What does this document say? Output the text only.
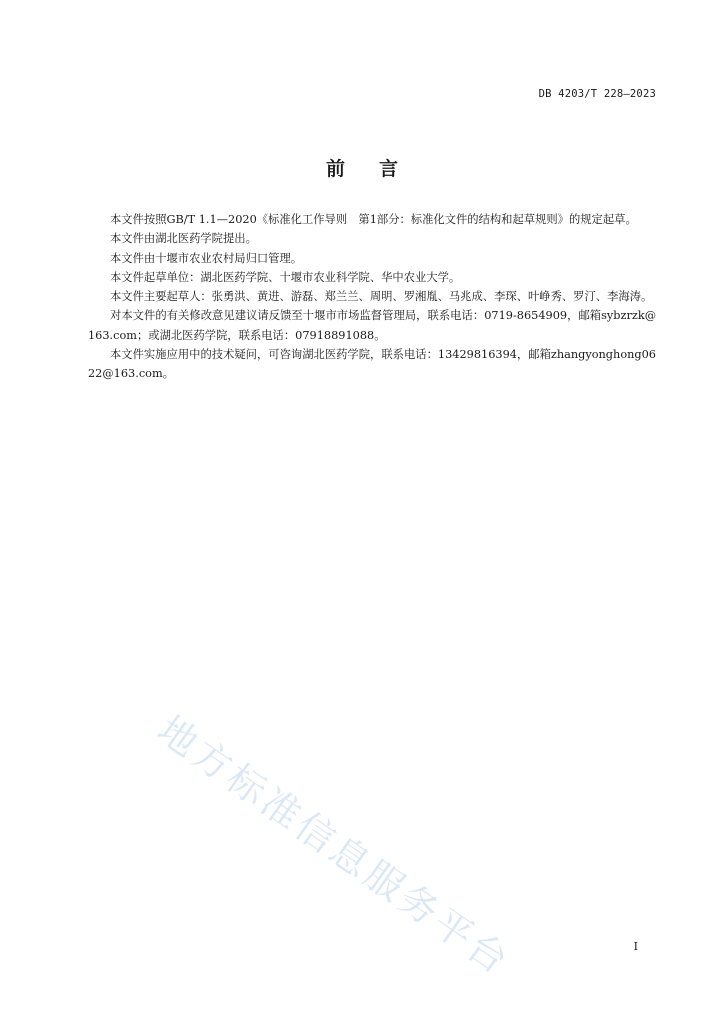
DB 4203/T 228—2023
前言

本文件按照GB/T 1.1—2020《标准化工作导则　第1部分：标准化文件的结构和起草规则》的规定起草。

本文件由湖北医药学院提出。

本文件由十堰市农业农村局归口管理。

本文件起草单位：湖北医药学院、十堰市农业科学院、华中农业大学。

本文件主要起草人：张勇洪、黄进、游磊、郑兰兰、周明、罗湘胤、马兆成、李琛、叶峥秀、罗汀、李海涛。

对本文件的有关修改意见建议请反馈至十堰市市场监督管理局，联系电话：0719-8654909，邮箱sybzrzk@163.com；或湖北医药学院，联系电话：07918891088。

本文件实施应用中的技术疑问，可咨询湖北医药学院，联系电话：13429816394，邮箱zhangyonghong0622@163.com。

地方标准信息服务平台	I
